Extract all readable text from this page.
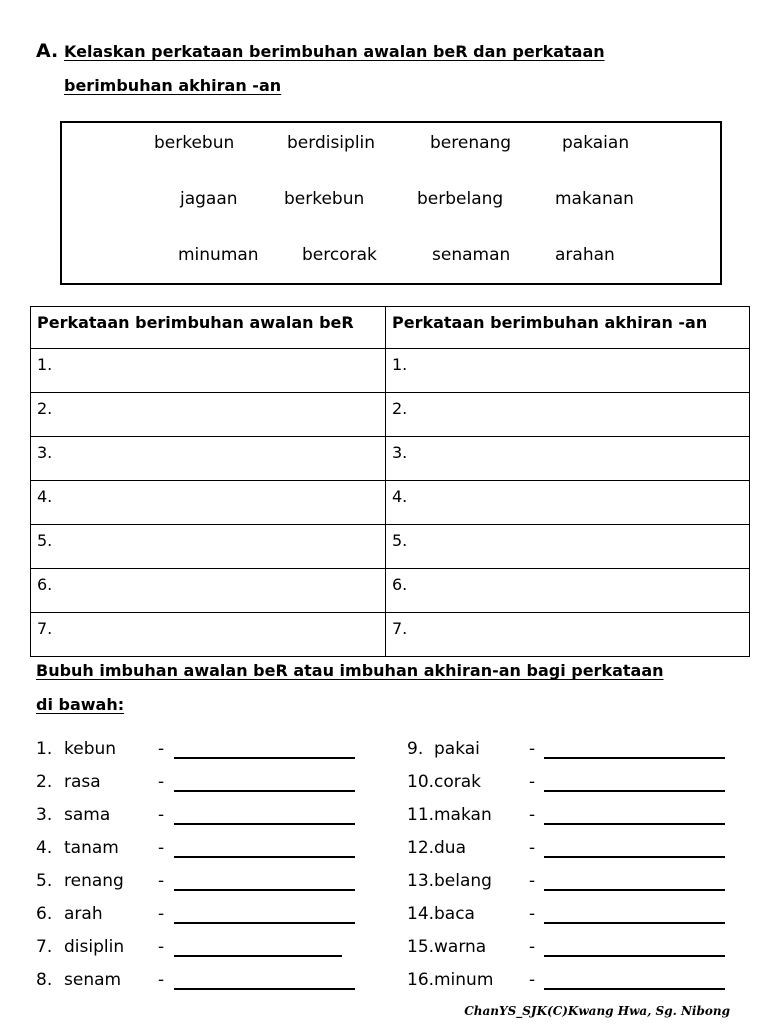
A. Kelaskan perkataan berimbuhan awalan beR dan perkataan
berimbuhan akhiran -an
berkebun	berdisiplin	berenang	pakaian
jagaan	berkebun	berbelang	makanan
minuman	bercorak	senaman	arahan
Perkataan berimbuhan awalan beR	Perkataan berimbuhan akhiran -an
1.	1.
2.	2.
3.	3.
4.	4.
5.	5.
6.	6.
7.	7.
Bubuh imbuhan awalan beR atau imbuhan akhiran-an bagi perkataan
di bawah:
1. kebun -
2. rasa	-
3. sama	-
4. tanam -
5. renang -
6. arah	-
7. disiplin -
8. senam -
9. pakai	-
10. corak	-
11. makan -
12. dua	-
13. belang -
14. baca	-
15. warna	-
16. minum -
ChanYS_SJK(C)Kwang Hwa, Sg. Nibong
